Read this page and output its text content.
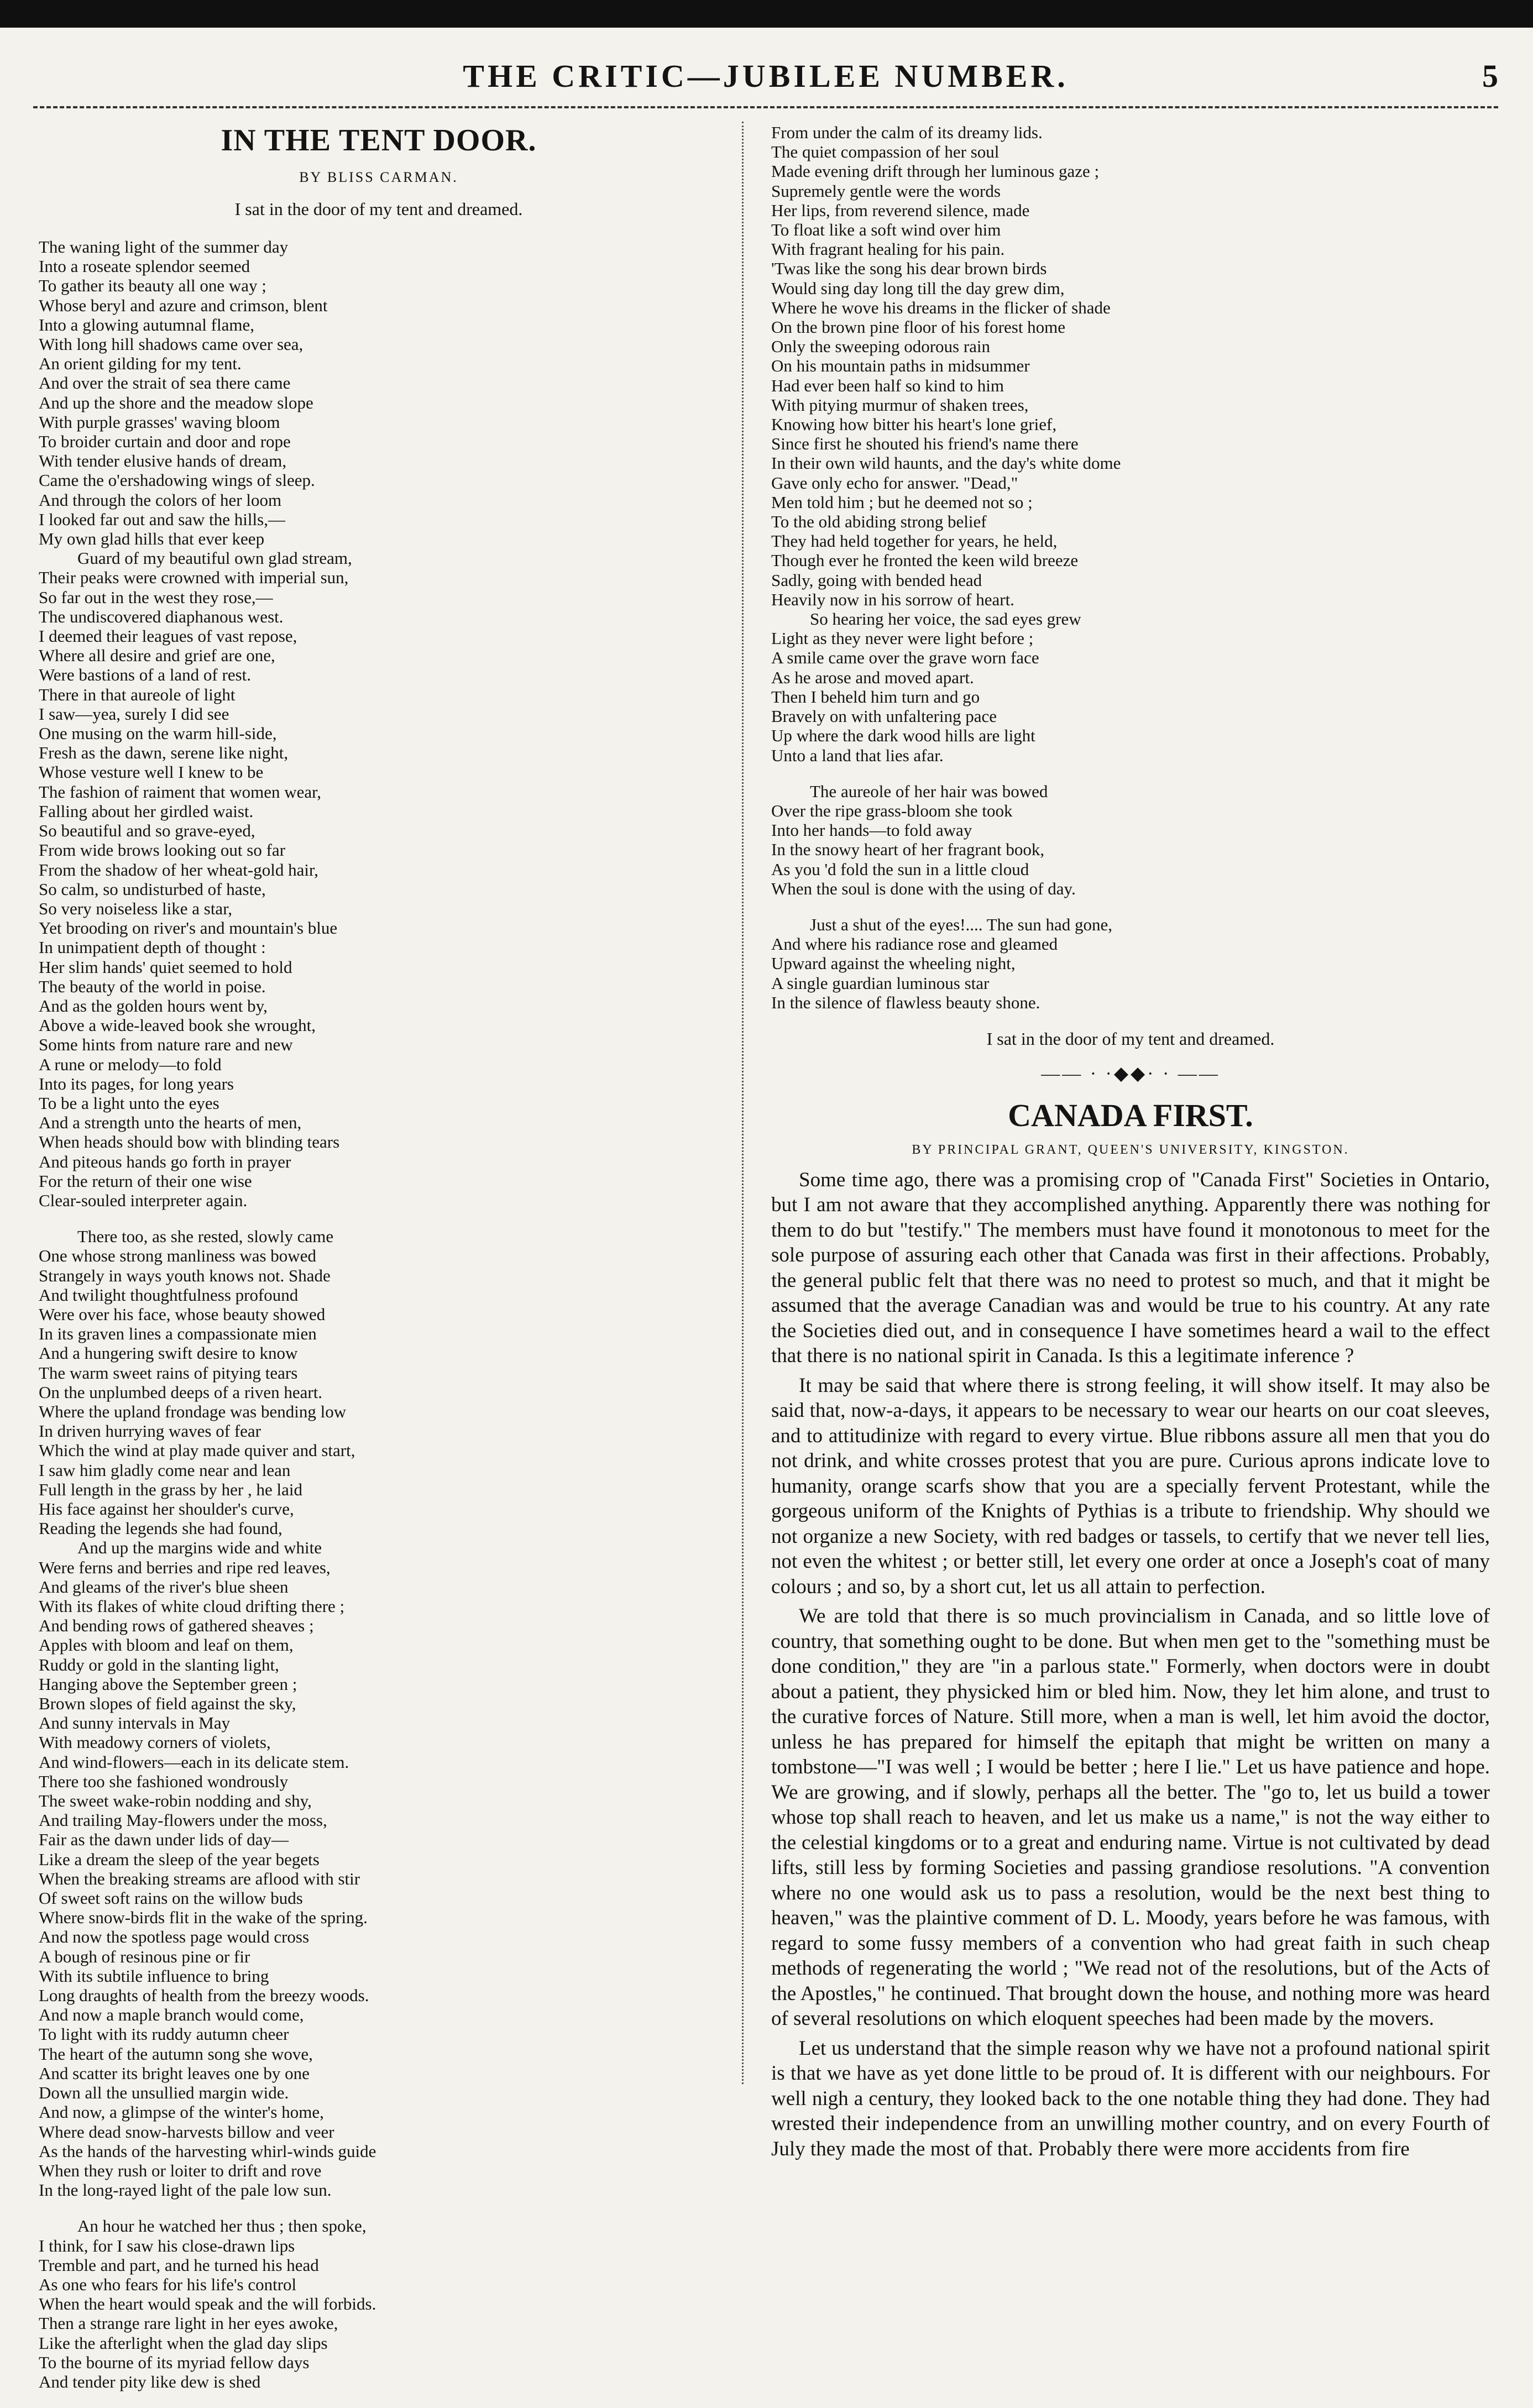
THE CRITIC—JUBILEE NUMBER.	5
IN THE TENT DOOR.
BY BLISS CARMAN.
I sat in the door of my tent and dreamed.
The waning light of the summer day
Into a roseate splendor seemed
To gather its beauty all one way ;
Whose beryl and azure and crimson, blent
Into a glowing autumnal flame,
With long hill shadows came over sea,
An orient gilding for my tent.
And over the strait of sea there came
And up the shore and the meadow slope
With purple grasses' waving bloom
To broider curtain and door and rope
With tender elusive hands of dream,
Came the o'ershadowing wings of sleep.
And through the colors of her loom
I looked far out and saw the hills,—
My own glad hills that ever keep
Guard of my beautiful own glad stream,
Their peaks were crowned with imperial sun,
So far out in the west they rose,—
The undiscovered diaphanous west.
I deemed their leagues of vast repose,
Where all desire and grief are one,
Were bastions of a land of rest.
There in that aureole of light
I saw—yea, surely I did see
One musing on the warm hill-side,
Fresh as the dawn, serene like night,
Whose vesture well I knew to be
The fashion of raiment that women wear,
Falling about her girdled waist.
So beautiful and so grave-eyed,
From wide brows looking out so far
From the shadow of her wheat-gold hair,
So calm, so undisturbed of haste,
So very noiseless like a star,
Yet brooding on river's and mountain's blue
In unimpatient depth of thought :
Her slim hands' quiet seemed to hold
The beauty of the world in poise.
And as the golden hours went by,
Above a wide-leaved book she wrought,
Some hints from nature rare and new
A rune or melody—to fold
Into its pages, for long years
To be a light unto the eyes
And a strength unto the hearts of men,
When heads should bow with blinding tears
And piteous hands go forth in prayer
For the return of their one wise
Clear-souled interpreter again.
There too, as she rested, slowly came
One whose strong manliness was bowed
Strangely in ways youth knows not. Shade
And twilight thoughtfulness profound
Were over his face, whose beauty showed
In its graven lines a compassionate mien
And a hungering swift desire to know
The warm sweet rains of pitying tears
On the unplumbed deeps of a riven heart.
Where the upland frondage was bending low
In driven hurrying waves of fear
Which the wind at play made quiver and start,
I saw him gladly come near and lean
Full length in the grass by her , he laid
His face against her shoulder's curve,
Reading the legends she had found,
And up the margins wide and white
Were ferns and berries and ripe red leaves,
And gleams of the river's blue sheen
With its flakes of white cloud drifting there ;
And bending rows of gathered sheaves ;
Apples with bloom and leaf on them,
Ruddy or gold in the slanting light,
Hanging above the September green ;
Brown slopes of field against the sky,
And sunny intervals in May
With meadowy corners of violets,
And wind-flowers—each in its delicate stem.
There too she fashioned wondrously
The sweet wake-robin nodding and shy,
And trailing May-flowers under the moss,
Fair as the dawn under lids of day—
Like a dream the sleep of the year begets
When the breaking streams are aflood with stir
Of sweet soft rains on the willow buds
Where snow-birds flit in the wake of the spring.
And now the spotless page would cross
A bough of resinous pine or fir
With its subtile influence to bring
Long draughts of health from the breezy woods.
And now a maple branch would come,
To light with its ruddy autumn cheer
The heart of the autumn song she wove,
And scatter its bright leaves one by one
Down all the unsullied margin wide.
And now, a glimpse of the winter's home,
Where dead snow-harvests billow and veer
As the hands of the harvesting whirl-winds guide
When they rush or loiter to drift and rove
In the long-rayed light of the pale low sun.
An hour he watched her thus ; then spoke,
I think, for I saw his close-drawn lips
Tremble and part, and he turned his head
As one who fears for his life's control
When the heart would speak and the will forbids.
Then a strange rare light in her eyes awoke,
Like the afterlight when the glad day slips
To the bourne of its myriad fellow days
And tender pity like dew is shed
From under the calm of its dreamy lids.
The quiet compassion of her soul
Made evening drift through her luminous gaze ;
Supremely gentle were the words
Her lips, from reverend silence, made
To float like a soft wind over him
With fragrant healing for his pain.
'Twas like the song his dear brown birds
Would sing day long till the day grew dim,
Where he wove his dreams in the flicker of shade
On the brown pine floor of his forest home
Only the sweeping odorous rain
On his mountain paths in midsummer
Had ever been half so kind to him
With pitying murmur of shaken trees,
Knowing how bitter his heart's lone grief,
Since first he shouted his friend's name there
In their own wild haunts, and the day's white dome
Gave only echo for answer. "Dead,"
Men told him ; but he deemed not so ;
To the old abiding strong belief
They had held together for years, he held,
Though ever he fronted the keen wild breeze
Sadly, going with bended head
Heavily now in his sorrow of heart.
So hearing her voice, the sad eyes grew
Light as they never were light before ;
A smile came over the grave worn face
As he arose and moved apart.
Then I beheld him turn and go
Bravely on with unfaltering pace
Up where the dark wood hills are light
Unto a land that lies afar.
The aureole of her hair was bowed
Over the ripe grass-bloom she took
Into her hands—to fold away
In the snowy heart of her fragrant book,
As you 'd fold the sun in a little cloud
When the soul is done with the using of day.
Just a shut of the eyes!.... The sun had gone,
And where his radiance rose and gleamed
Upward against the wheeling night,
A single guardian luminous star
In the silence of flawless beauty shone.
I sat in the door of my tent and dreamed.
—— · ·◆◆· · ——
CANADA FIRST.
BY PRINCIPAL GRANT, QUEEN'S UNIVERSITY, KINGSTON.

Some time ago, there was a promising crop of "Canada First" Societies in Ontario, but I am not aware that they accomplished anything. Apparently there was nothing for them to do but "testify." The members must have found it monotonous to meet for the sole purpose of assuring each other that Canada was first in their affections. Probably, the general public felt that there was no need to protest so much, and that it might be assumed that the average Canadian was and would be true to his country. At any rate the Societies died out, and in consequence I have sometimes heard a wail to the effect that there is no national spirit in Canada. Is this a legitimate inference ?

It may be said that where there is strong feeling, it will show itself. It may also be said that, now-a-days, it appears to be necessary to wear our hearts on our coat sleeves, and to attitudinize with regard to every virtue. Blue ribbons assure all men that you do not drink, and white crosses protest that you are pure. Curious aprons indicate love to humanity, orange scarfs show that you are a specially fervent Protestant, while the gorgeous uniform of the Knights of Pythias is a tribute to friendship. Why should we not organize a new Society, with red badges or tassels, to certify that we never tell lies, not even the whitest ; or better still, let every one order at once a Joseph's coat of many colours ; and so, by a short cut, let us all attain to perfection.

We are told that there is so much provincialism in Canada, and so little love of country, that something ought to be done. But when men get to the "something must be done condition," they are "in a parlous state." Formerly, when doctors were in doubt about a patient, they physicked him or bled him. Now, they let him alone, and trust to the curative forces of Nature. Still more, when a man is well, let him avoid the doctor, unless he has prepared for himself the epitaph that might be written on many a tombstone—"I was well ; I would be better ; here I lie." Let us have patience and hope. We are growing, and if slowly, perhaps all the better. The "go to, let us build a tower whose top shall reach to heaven, and let us make us a name," is not the way either to the celestial kingdoms or to a great and enduring name. Virtue is not cultivated by dead lifts, still less by forming Societies and passing grandiose resolutions. "A convention where no one would ask us to pass a resolution, would be the next best thing to heaven," was the plaintive comment of D. L. Moody, years before he was famous, with regard to some fussy members of a convention who had great faith in such cheap methods of regenerating the world ; "We read not of the resolutions, but of the Acts of the Apostles," he continued. That brought down the house, and nothing more was heard of several resolutions on which eloquent speeches had been made by the movers.

Let us understand that the simple reason why we have not a profound national spirit is that we have as yet done little to be proud of. It is different with our neighbours. For well nigh a century, they looked back to the one notable thing they had done. They had wrested their independence from an unwilling mother country, and on every Fourth of July they made the most of that. Probably there were more accidents from fire
